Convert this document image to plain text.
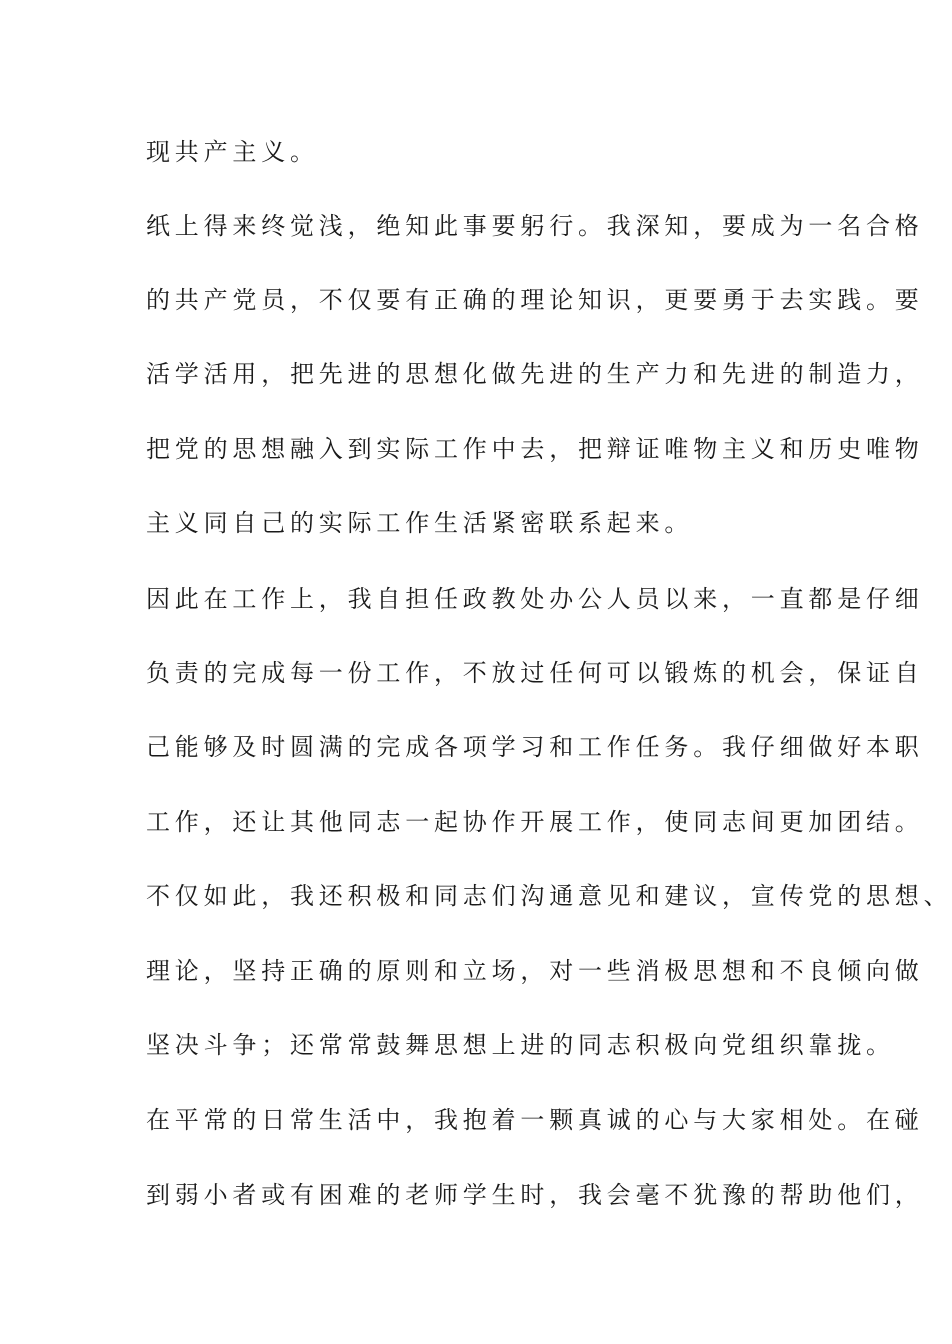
现共产主义。
纸上得来终觉浅，绝知此事要躬行。我深知，要成为一名合格
的共产党员，不仅要有正确的理论知识，更要勇于去实践。要
活学活用，把先进的思想化做先进的生产力和先进的制造力，
把党的思想融入到实际工作中去，把辩证唯物主义和历史唯物
主义同自己的实际工作生活紧密联系起来。
因此在工作上，我自担任政教处办公人员以来，一直都是仔细
负责的完成每一份工作，不放过任何可以锻炼的机会，保证自
己能够及时圆满的完成各项学习和工作任务。我仔细做好本职
工作，还让其他同志一起协作开展工作，使同志间更加团结。
不仅如此，我还积极和同志们沟通意见和建议，宣传党的思想、
理论，坚持正确的原则和立场，对一些消极思想和不良倾向做
坚决斗争；还常常鼓舞思想上进的同志积极向党组织靠拢。
在平常的日常生活中，我抱着一颗真诚的心与大家相处。在碰
到弱小者或有困难的老师学生时，我会毫不犹豫的帮助他们，
